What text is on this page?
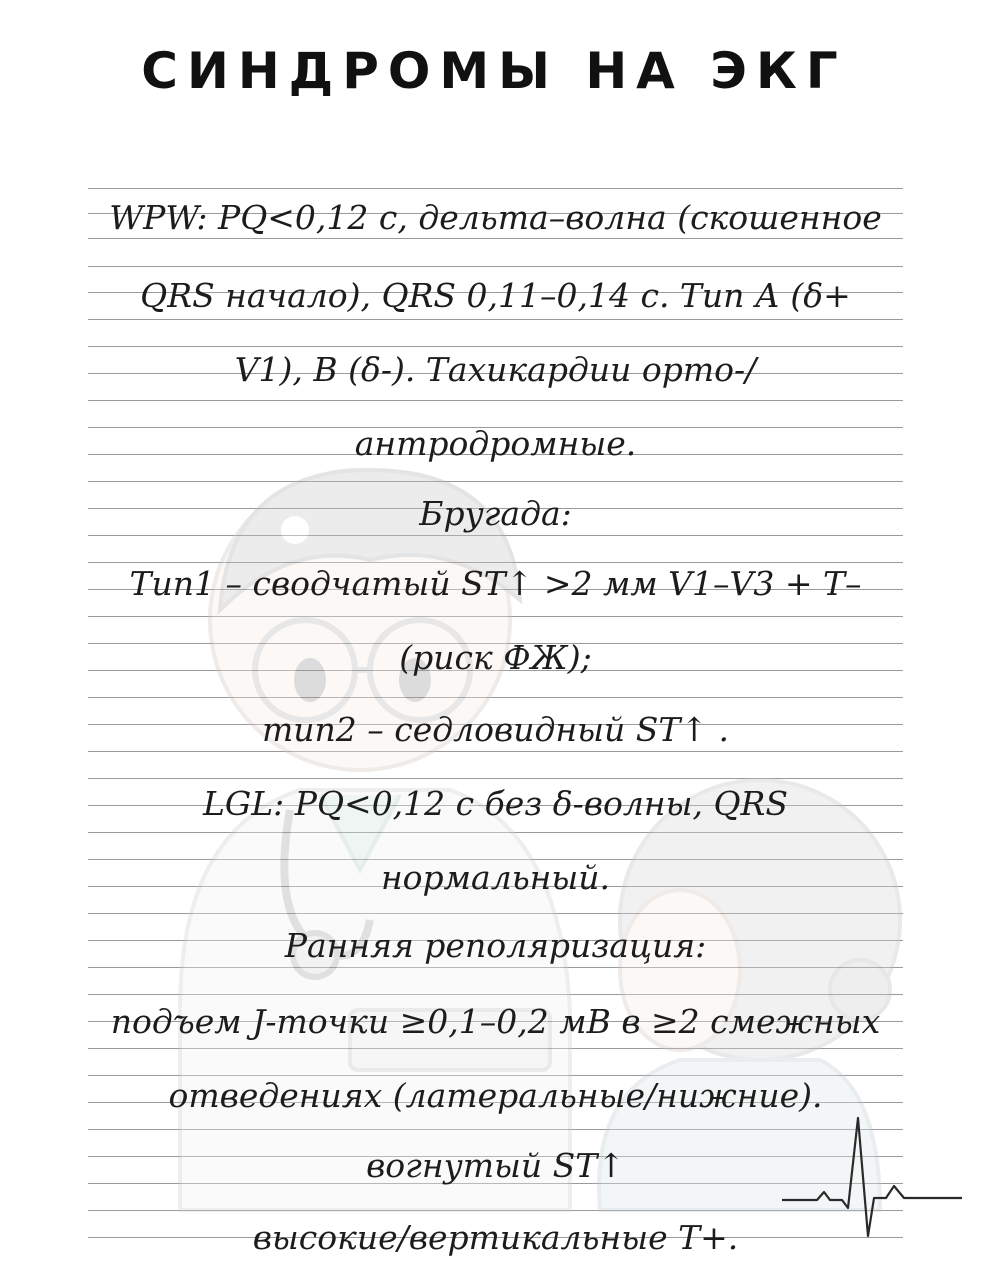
СИНДРОМЫ НА ЭКГ
WPW: PQ<0,12 с, дельта–волна (скошенное
QRS начало), QRS 0,11–0,14 с. Тип А (δ+
V1), В (δ-). Тахикардии орто-/
антродромные.
Бругада:
Тип1 – сводчатый ST↑ >2 мм V1–V3 + T–
(риск ФЖ);
тип2 – седловидный ST↑ .
LGL: PQ<0,12 с без δ-волны, QRS
нормальный.
Ранняя реполяризация:
подъем J-точки ≥0,1–0,2 мВ в ≥2 смежных
отведениях (латеральные/нижние).
вогнутый ST↑
высокие/вертикальные T+.
